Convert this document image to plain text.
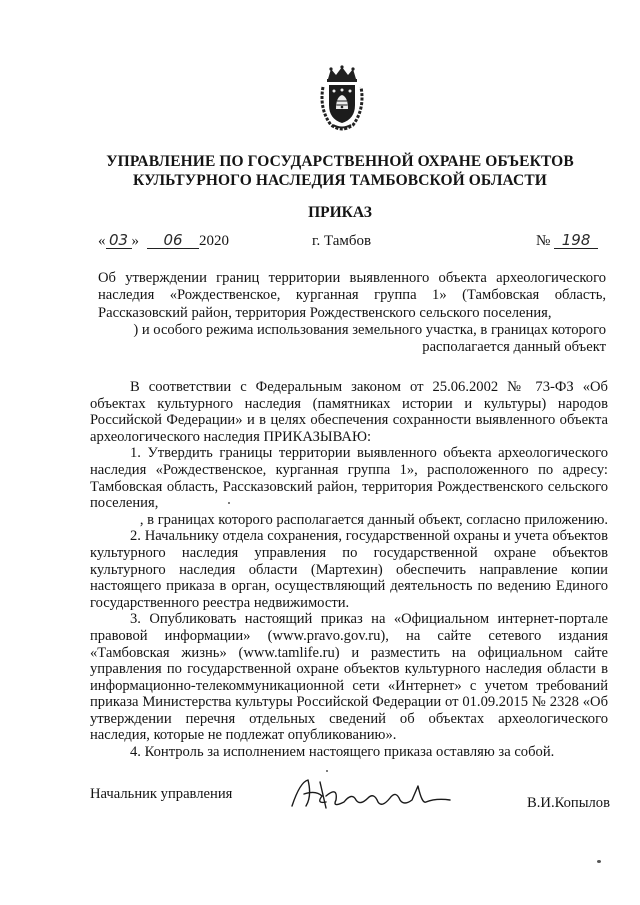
УПРАВЛЕНИЕ ПО ГОСУДАРСТВЕННОЙ ОХРАНЕ ОБЪЕКТОВ
КУЛЬТУРНОГО НАСЛЕДИЯ ТАМБОВСКОЙ ОБЛАСТИ
ПРИКАЗ
« 03 » 06 2020	г. Тамбов	№ 198

Об утверждении границ территории выявленного объекта археологического наследия «Рождественское, курганная группа 1» (Тамбовская область, Рассказовский район, территория Рождественского сельского поселения,

) и особого режима использования земельного участка, в границах которого располагается данный объект

В соответствии с Федеральным законом от 25.06.2002 № 73-ФЗ «Об объектах культурного наследия (памятниках истории и культуры) народов Российской Федерации» и в целях обеспечения сохранности выявленного объекта археологического наследия ПРИКАЗЫВАЮ:

1. Утвердить границы территории выявленного объекта археологического наследия «Рождественское, курганная группа 1», расположенного по адресу: Тамбовская область, Рассказовский район, территория Рождественского сельского поселения,

, в границах которого располагается данный объект, согласно приложению.

2. Начальнику отдела сохранения, государственной охраны и учета объектов культурного наследия управления по государственной охране объектов культурного наследия области (Мартехин) обеспечить направление копии настоящего приказа в орган, осуществляющий деятельность по ведению Единого государственного реестра недвижимости.

3. Опубликовать настоящий приказ на «Официальном интернет-портале правовой информации» (www.pravo.gov.ru), на сайте сетевого издания «Тамбовская жизнь» (www.tamlife.ru) и разместить на официальном сайте управления по государственной охране объектов культурного наследия области в информационно-телекоммуникационной сети «Интернет» с учетом требований приказа Министерства культуры Российской Федерации от 01.09.2015 № 2328 «Об утверждении перечня отдельных сведений об объектах археологического наследия, которые не подлежат опубликованию».

4. Контроль за исполнением настоящего приказа оставляю за собой.

Начальник управления
В.И.Копылов
